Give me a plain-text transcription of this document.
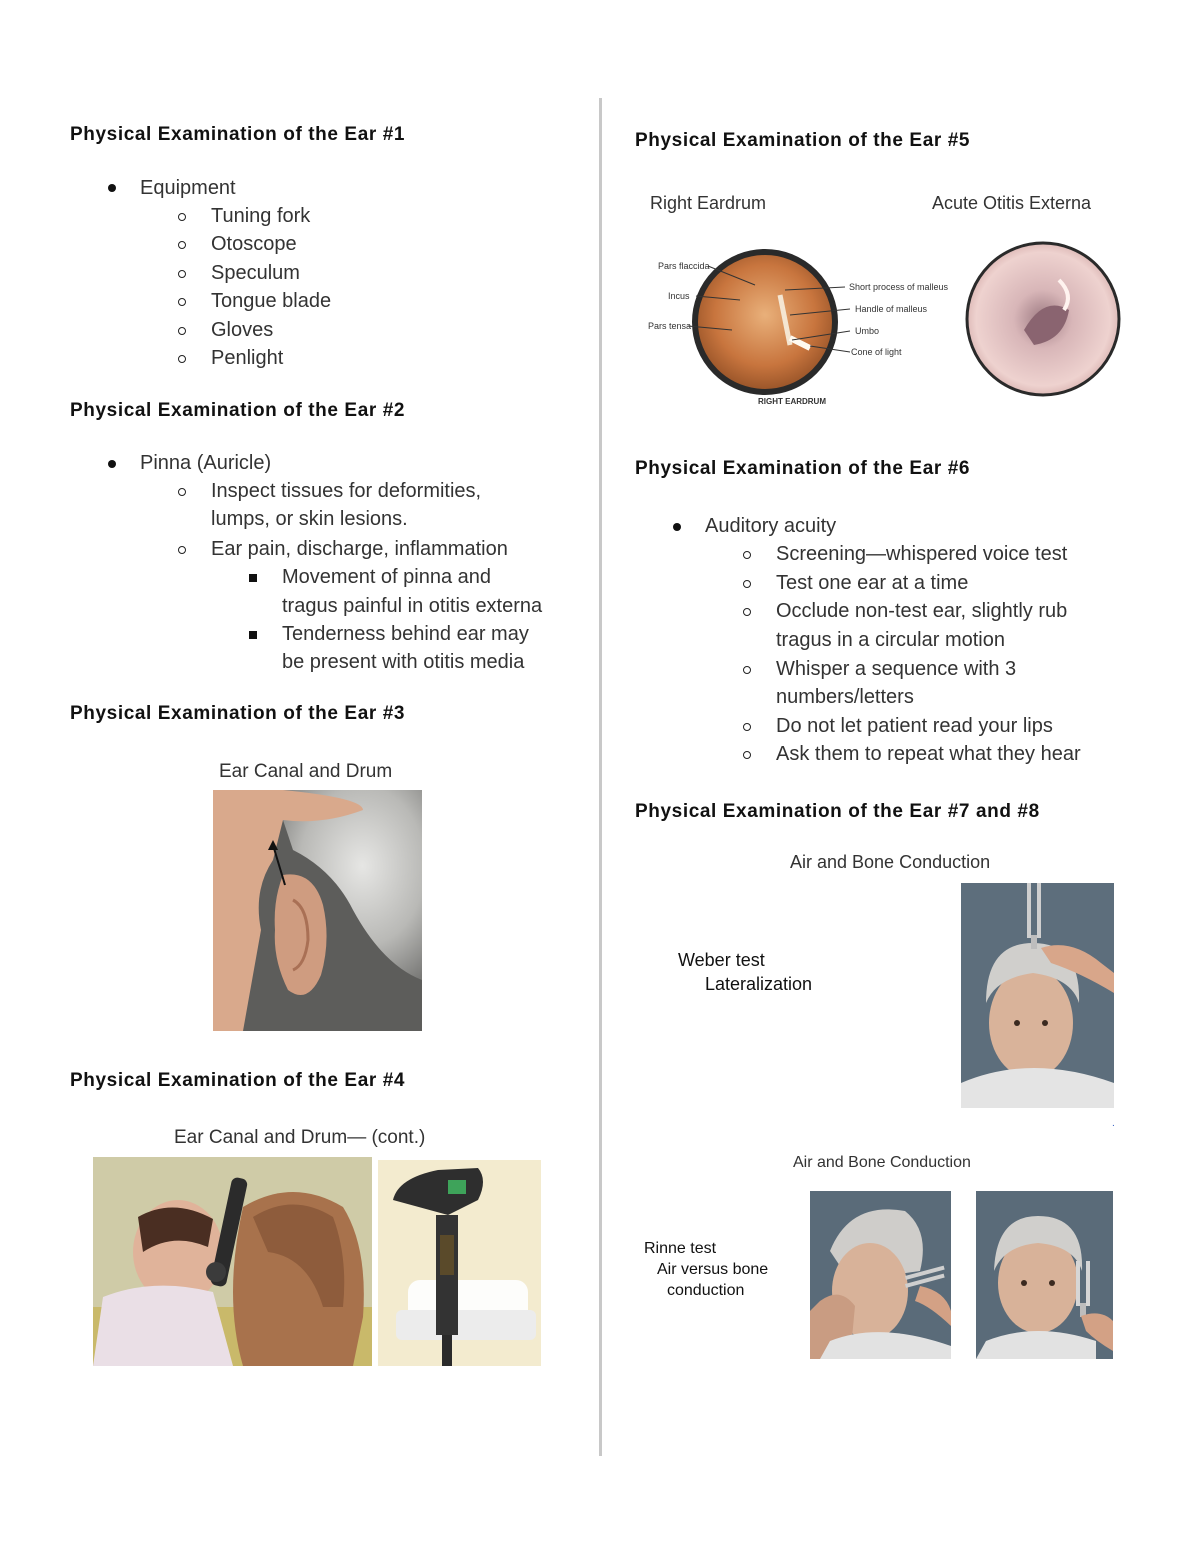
Physical Examination of the Ear #1
Equipment
Tuning fork
Otoscope
Speculum
Tongue blade
Gloves
Penlight
Physical Examination of the Ear #2
Pinna (Auricle)
Inspect tissues for deformities,
lumps, or skin lesions.
Ear pain, discharge, inflammation
Movement of pinna and
tragus painful in otitis externa
Tenderness behind ear may
be present with otitis media
Physical Examination of the Ear #3
Ear Canal and Drum
Physical Examination of the Ear #4
Ear Canal and Drum— (cont.)
Physical Examination of the Ear #5
Right Eardrum	Acute Otitis Externa
Pars flaccida
Incus
Pars tensa
Short process of malleus
Handle of malleus
Umbo
Cone of light
RIGHT EARDRUM
Physical Examination of the Ear #6
Auditory acuity
Screening—whispered voice test
Test one ear at a time
Occlude non-test ear, slightly rub
tragus in a circular motion
Whisper a sequence with 3
numbers/letters
Do not let patient read your lips
Ask them to repeat what they hear
Physical Examination of the Ear #7 and #8
Air and Bone Conduction
Weber test
Lateralization
.
Air and Bone Conduction
Rinne test
Air versus bone
conduction
